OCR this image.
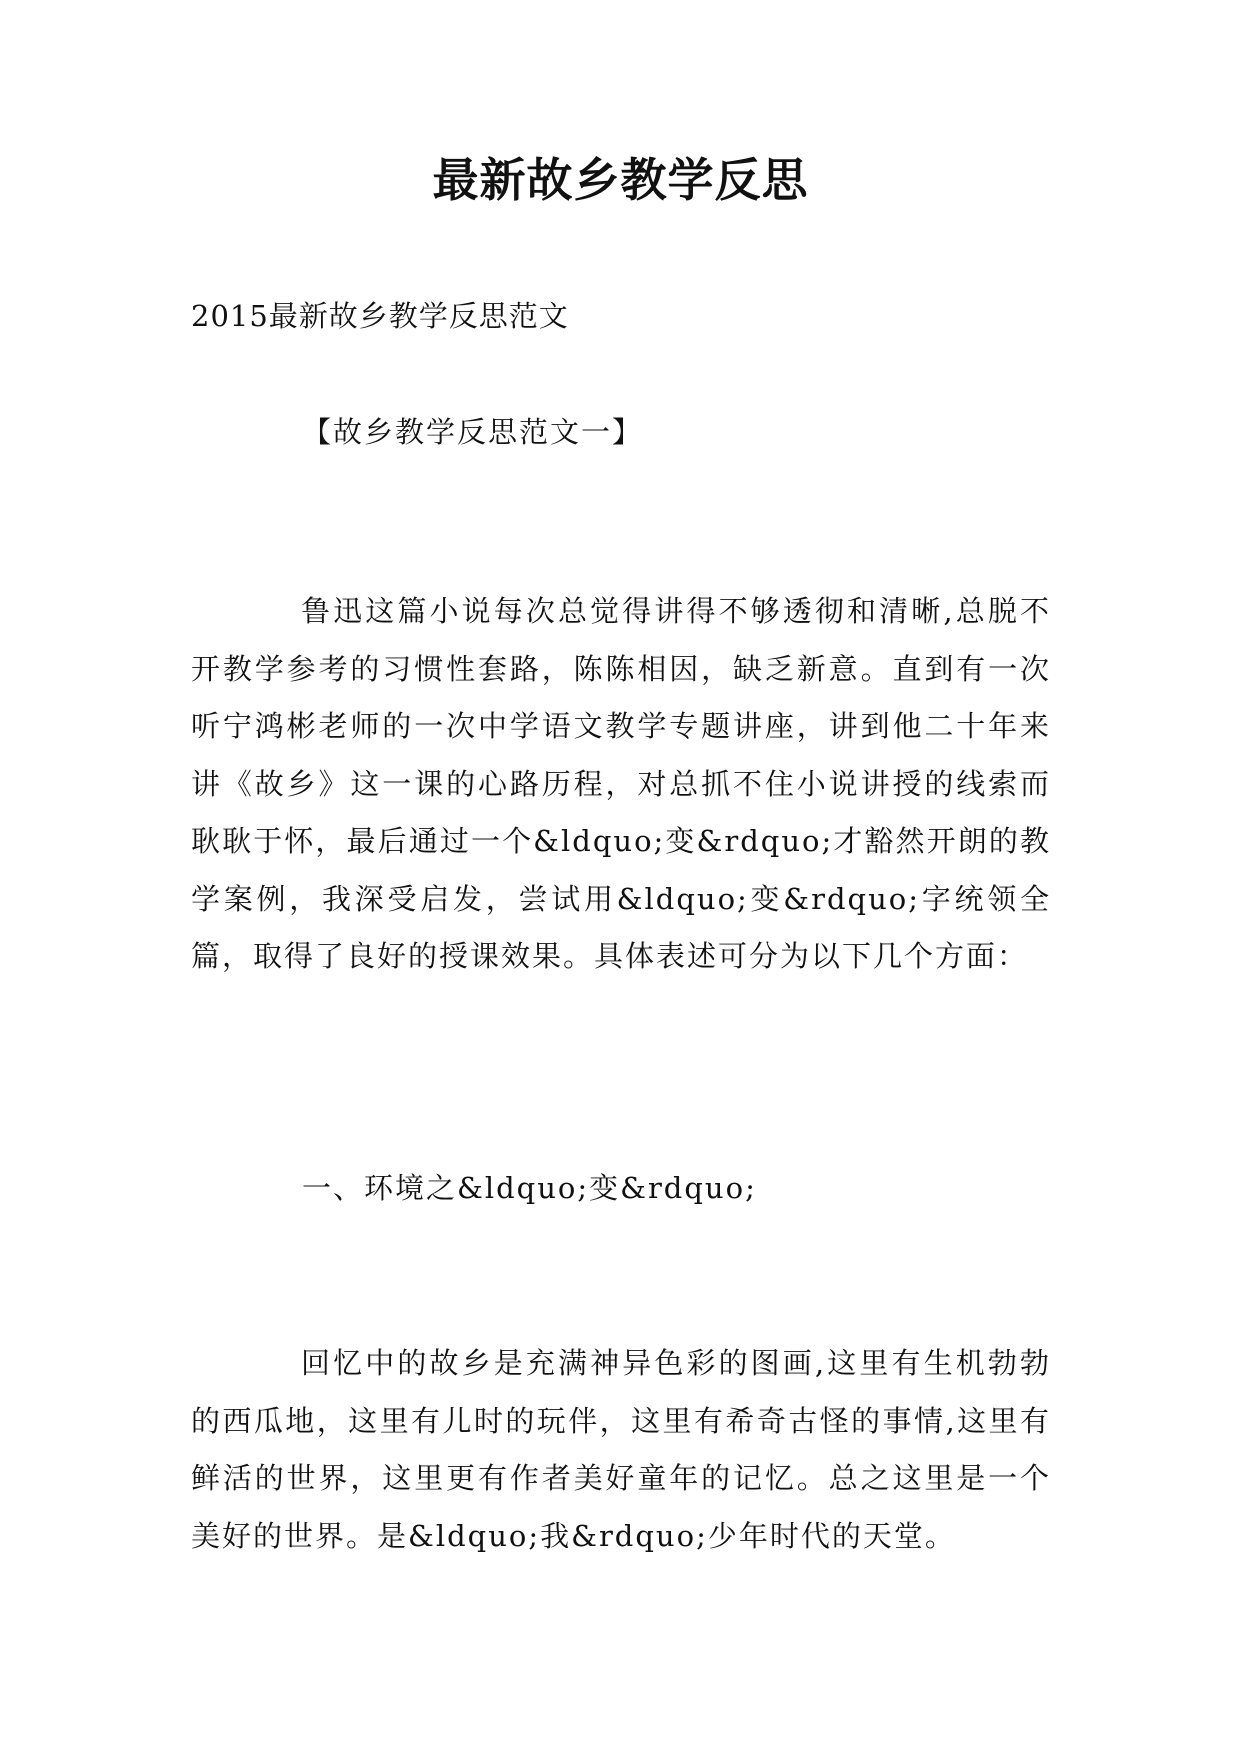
最新故乡教学反思
2015最新故乡教学反思范文
【故乡教学反思范文一】

鲁迅这篇小说每次总觉得讲得不够透彻和清晰,总脱不开教学参考的习惯性套路，陈陈相因，缺乏新意。直到有一次听宁鸿彬老师的一次中学语文教学专题讲座，讲到他二十年来讲《故乡》这一课的心路历程，对总抓不住小说讲授的线索而耿耿于怀，最后通过一个&ldquo;变&rdquo;才豁然开朗的教学案例，我深受启发，尝试用&ldquo;变&rdquo;字统领全篇，取得了良好的授课效果。具体表述可分为以下几个方面：

一、环境之&ldquo;变&rdquo;

回忆中的故乡是充满神异色彩的图画,这里有生机勃勃的西瓜地，这里有儿时的玩伴，这里有希奇古怪的事情,这里有鲜活的世界，这里更有作者美好童年的记忆。总之这里是一个美好的世界。是&ldquo;我&rdquo;少年时代的天堂。
